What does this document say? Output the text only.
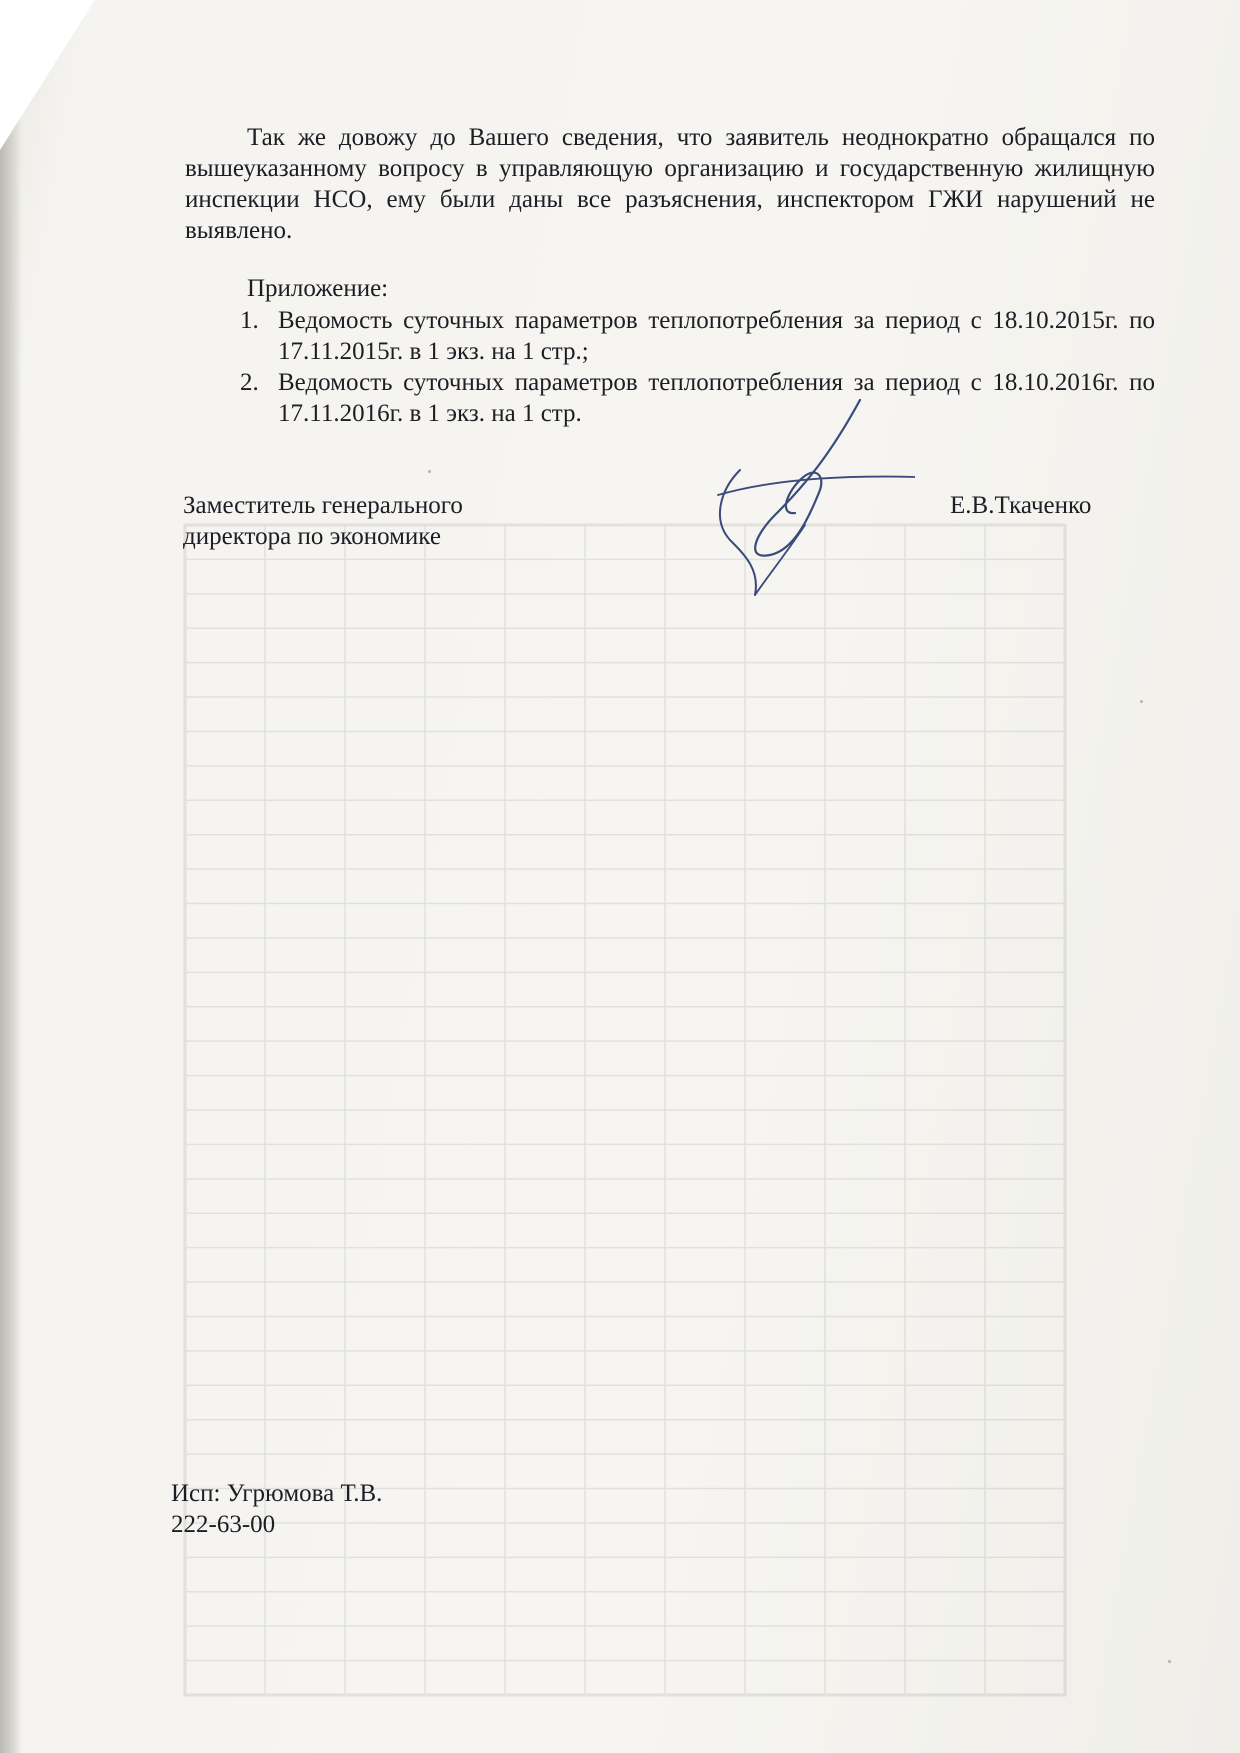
Так же довожу до Вашего сведения, что заявитель неоднократно обращался по вышеуказанному вопросу в управляющую организацию и государственную жилищную инспекции НСО, ему были даны все разъяснения, инспектором ГЖИ нарушений не выявлено.
Приложение:
1. Ведомость суточных параметров теплопотребления за период с 18.10.2015г. по 17.11.2015г. в 1 экз. на 1 стр.;
2. Ведомость суточных параметров теплопотребления за период с 18.10.2016г. по 17.11.2016г. в 1 экз. на 1 стр.
Заместитель генерального
директора по экономике
Е.В.Ткаченко
Исп: Угрюмова Т.В.
222-63-00
